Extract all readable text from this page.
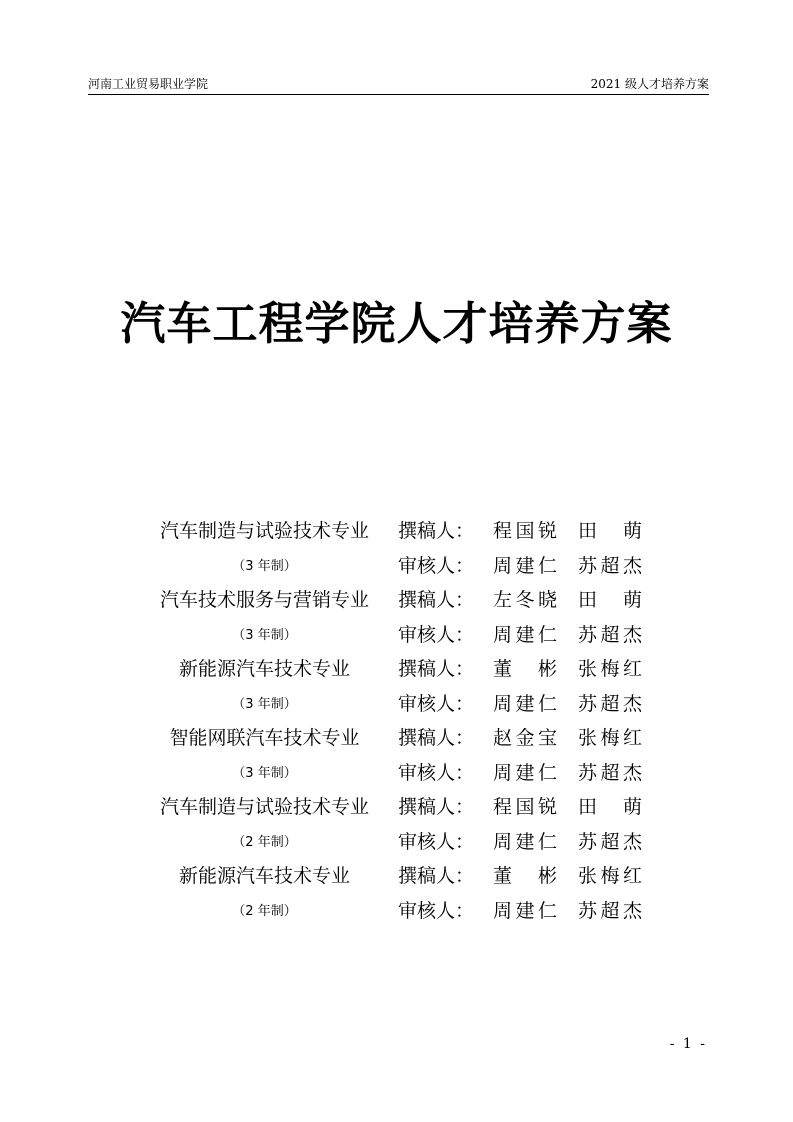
河南工业贸易职业学院	2021 级人才培养方案
汽车工程学院人才培养方案
汽车制造与试验技术专业	撰稿人： 程国锐 田 萌
（3 年制）	审核人： 周建仁 苏超杰
汽车技术服务与营销专业	撰稿人： 左冬晓 田 萌
（3 年制）	审核人： 周建仁 苏超杰
新能源汽车技术专业	撰稿人： 董 彬 张梅红
（3 年制）	审核人： 周建仁 苏超杰
智能网联汽车技术专业	撰稿人： 赵金宝 张梅红
（3 年制）	审核人： 周建仁 苏超杰
汽车制造与试验技术专业	撰稿人： 程国锐 田 萌
（2 年制）	审核人： 周建仁 苏超杰
新能源汽车技术专业	撰稿人： 董 彬 张梅红
（2 年制）	审核人： 周建仁 苏超杰
- 1 -
